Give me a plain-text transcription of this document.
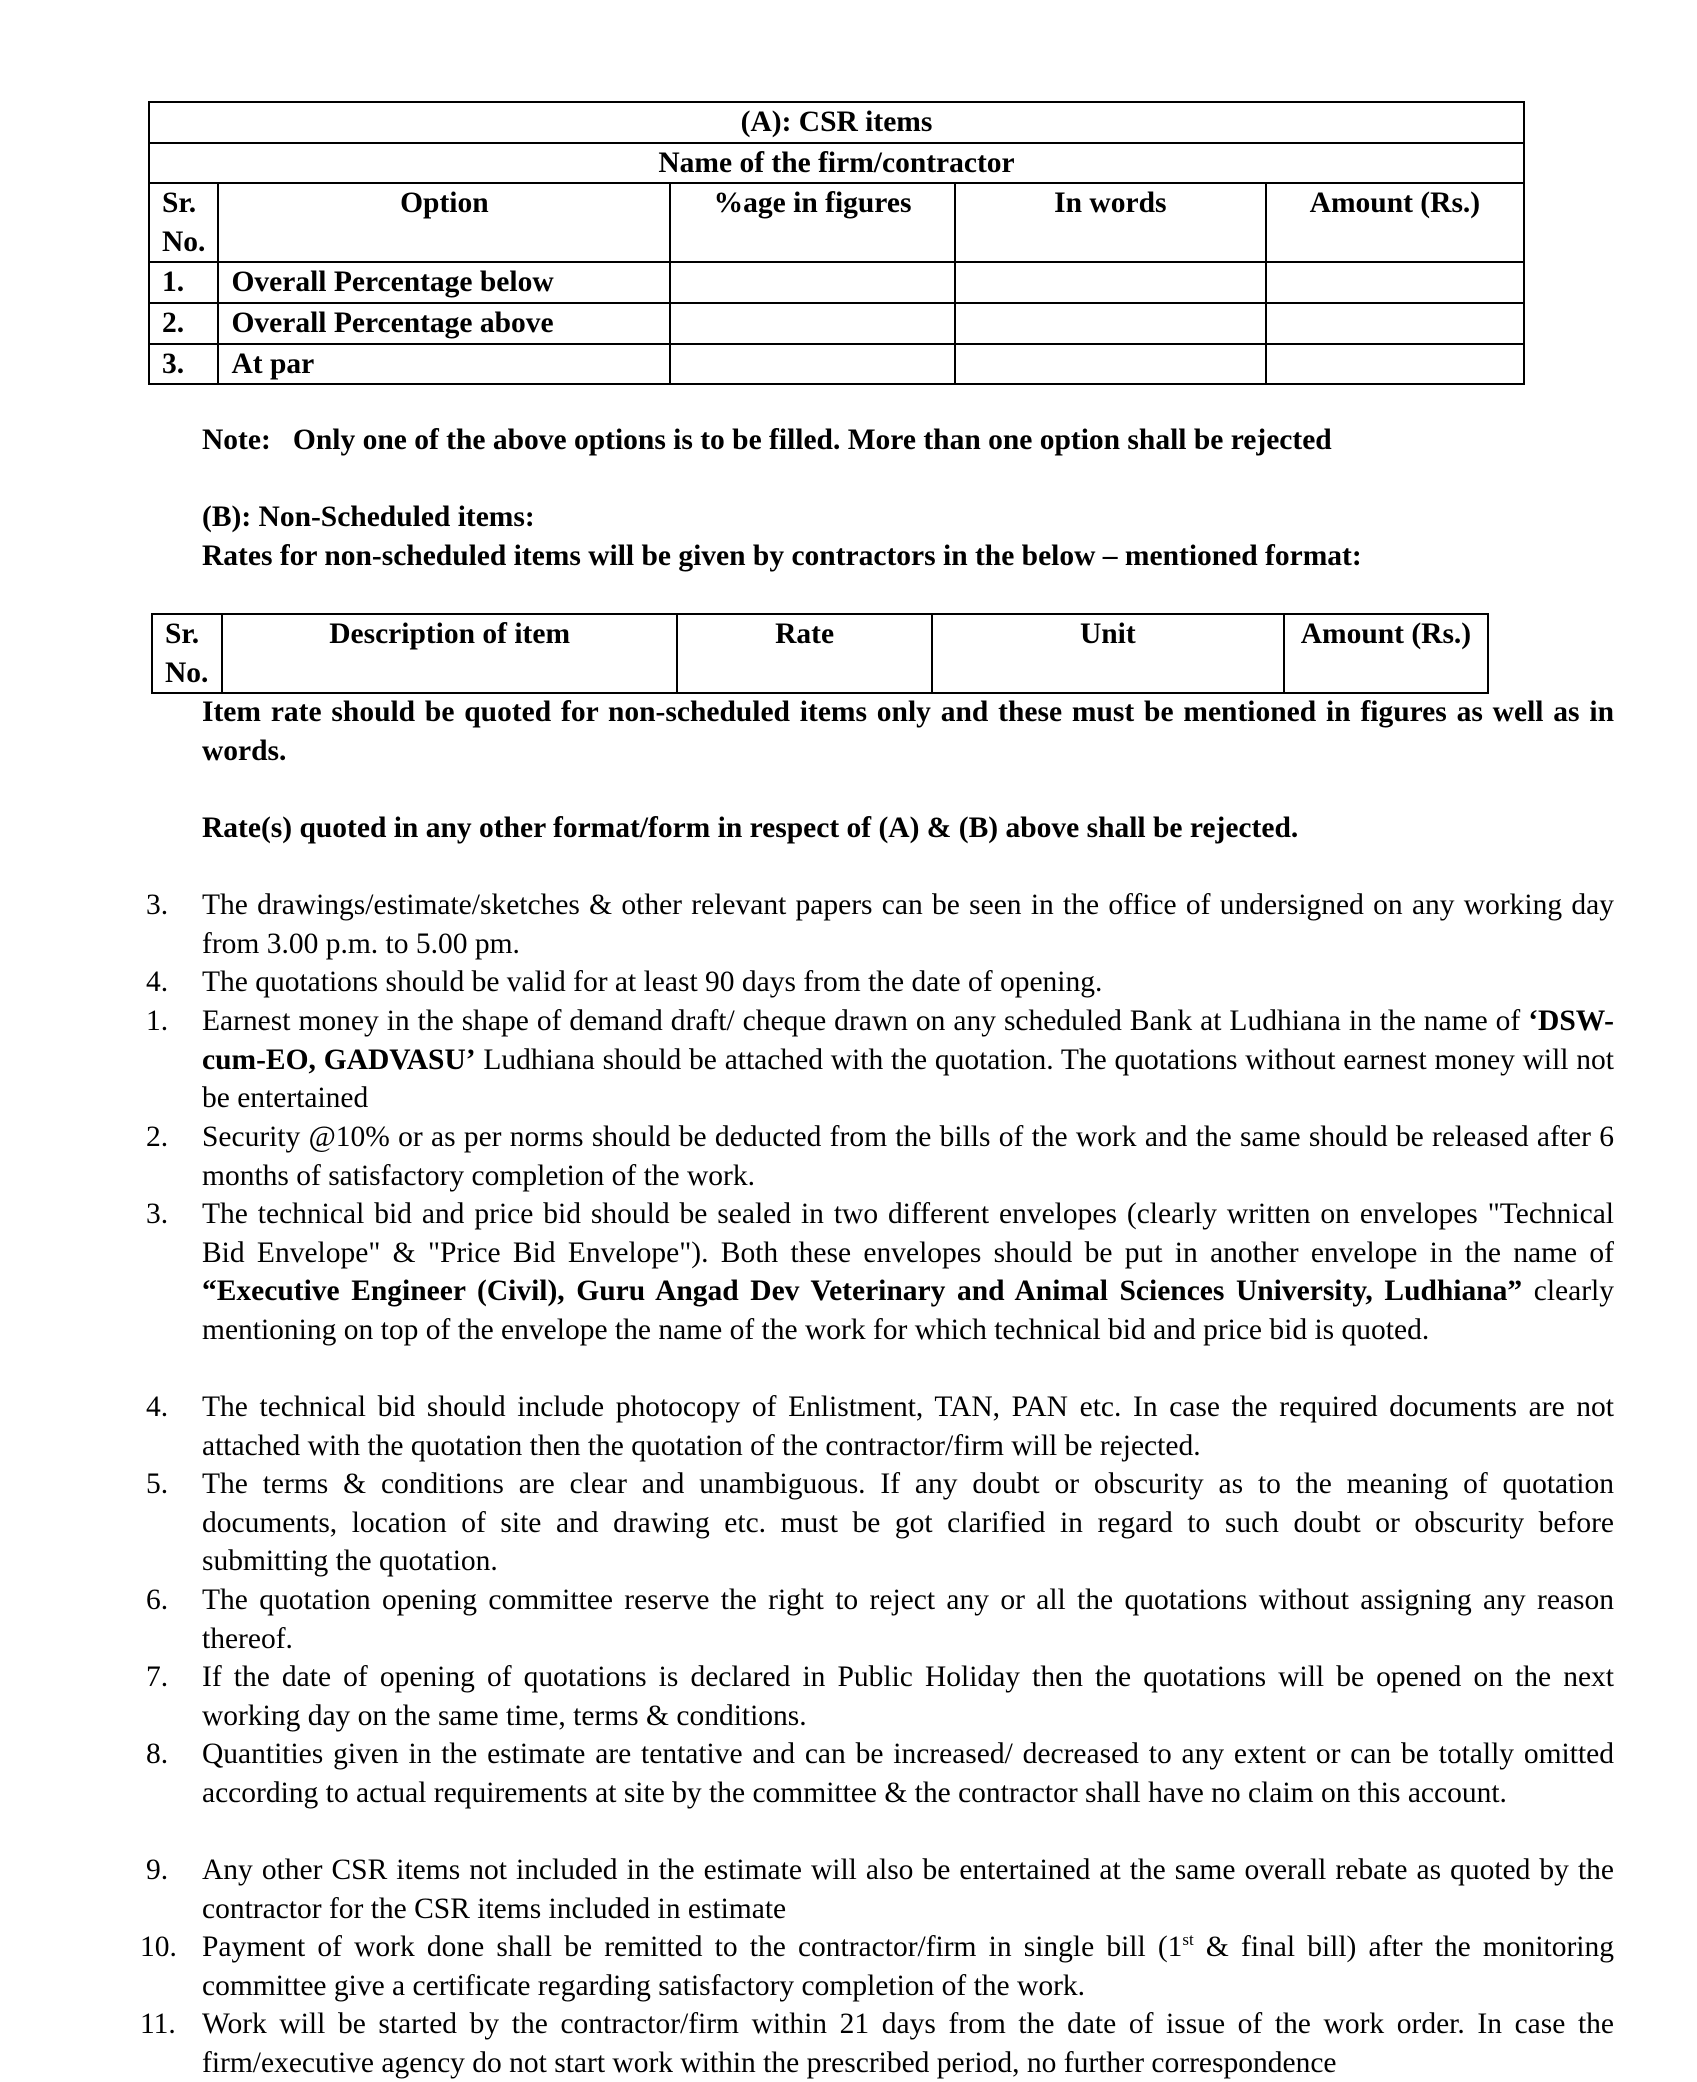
(A): CSR items				
Name of the firm/contractor				
Sr. No.	Option	%age in figures	In words	Amount (Rs.)
1.	Overall Percentage below			
2.	Overall Percentage above			
3.	At par			
Note: Only one of the above options is to be filled. More than one option shall be rejected
(B): Non-Scheduled items:
Rates for non-scheduled items will be given by contractors in the below – mentioned format:
Sr. No.	Description of item	Rate	Unit	Amount (Rs.)
Item rate should be quoted for non-scheduled items only and these must be mentioned in figures as well as in words.
Rate(s) quoted in any other format/form in respect of (A) & (B) above shall be rejected.
3.	The drawings/estimate/sketches & other relevant papers can be seen in the office of undersigned on any working day from 3.00 p.m. to 5.00 pm.
4.	The quotations should be valid for at least 90 days from the date of opening.
1.	Earnest money in the shape of demand draft/ cheque drawn on any scheduled Bank at Ludhiana in the name of ‘DSW-cum-EO, GADVASU’ Ludhiana should be attached with the quotation. The quotations without earnest money will not be entertained
2.	Security @10% or as per norms should be deducted from the bills of the work and the same should be released after 6 months of satisfactory completion of the work.
3.	The technical bid and price bid should be sealed in two different envelopes (clearly written on envelopes "Technical Bid Envelope" & "Price Bid Envelope"). Both these envelopes should be put in another envelope in the name of “Executive Engineer (Civil), Guru Angad Dev Veterinary and Animal Sciences University, Ludhiana” clearly mentioning on top of the envelope the name of the work for which technical bid and price bid is quoted.
4.	The technical bid should include photocopy of Enlistment, TAN, PAN etc. In case the required documents are not attached with the quotation then the quotation of the contractor/firm will be rejected.
5.	The terms & conditions are clear and unambiguous. If any doubt or obscurity as to the meaning of quotation documents, location of site and drawing etc. must be got clarified in regard to such doubt or obscurity before submitting the quotation.
6.	The quotation opening committee reserve the right to reject any or all the quotations without assigning any reason thereof.
7.	If the date of opening of quotations is declared in Public Holiday then the quotations will be opened on the next working day on the same time, terms & conditions.
8.	Quantities given in the estimate are tentative and can be increased/ decreased to any extent or can be totally omitted according to actual requirements at site by the committee & the contractor shall have no claim on this account.
9.	Any other CSR items not included in the estimate will also be entertained at the same overall rebate as quoted by the contractor for the CSR items included in estimate
10. Payment of work done shall be remitted to the contractor/firm in single bill (1st & final bill) after the monitoring committee give a certificate regarding satisfactory completion of the work.
11. Work will be started by the contractor/firm within 21 days from the date of issue of the work order. In case the firm/executive agency do not start work within the prescribed period, no further correspondence
